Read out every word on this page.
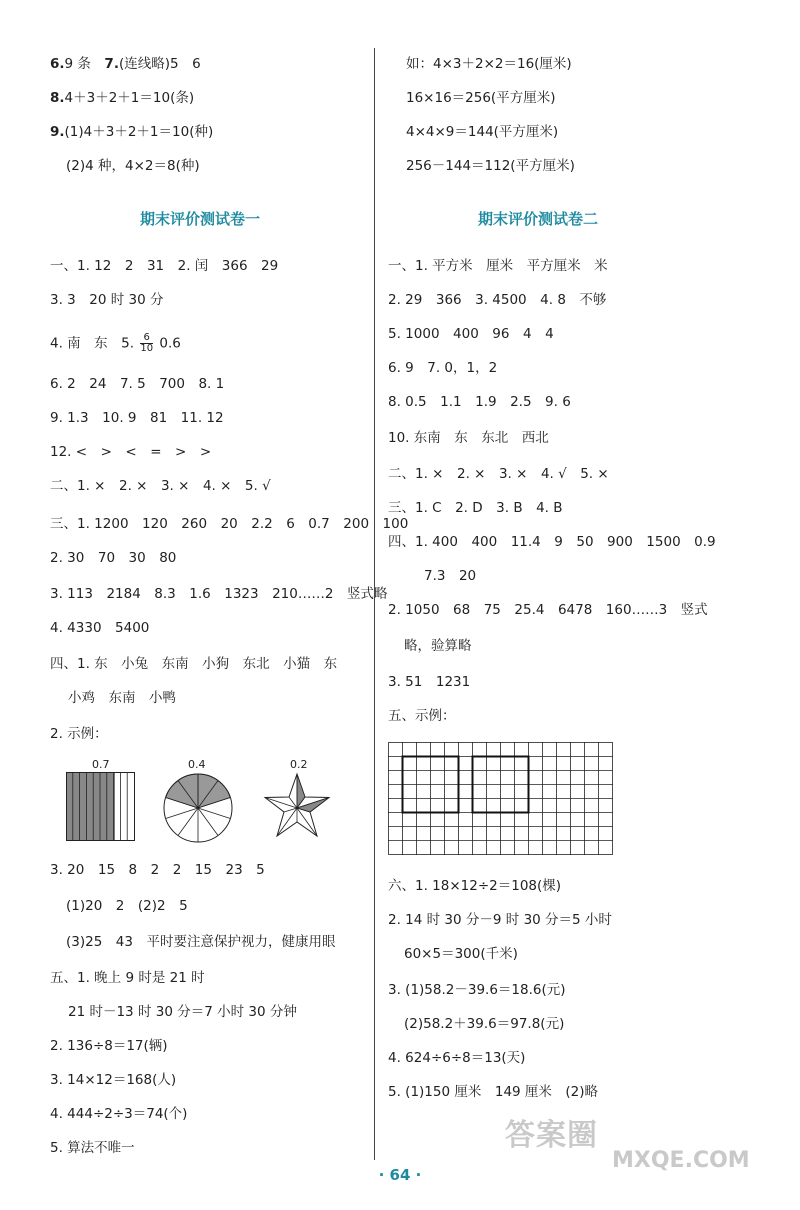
6.9 条　 7.(连线略)5　6
8.4＋3＋2＋1＝10(条)
9.(1)4＋3＋2＋1＝10(种)
(2)4 种，4×2＝8(种)
如：4×3＋2×2＝16(厘米)
16×16＝256(平方厘米)
4×4×9＝144(平方厘米)
256－144＝112(平方厘米)
期末评价测试卷一	期末评价测试卷二
一、1. 12　2　31　2. 闰　366　29
3. 3　20 时 30 分
4. 南　东　5. $\frac{6}{10} 0.6$
6. 2　24　7. 5　700　8. 1
9. 1.3　10. 9　81　11. 12
12. <　>　<　=　>　>
二、1. ×　2. ×　3. ×　4. ×　5. √
三、1. 1200　120　260　20　2.2　6　0.7　200　100
2. 30　70　30　80
3. 113　2184　8.3　1.6　1323　210……2　竖式略
4. 4330　5400
四、1. 东　小兔　东南　小狗　东北　小猫　东
小鸡　东南　小鸭
2. 示例：
0.7	0.4	0.2
3. 20　15　8　2　2　15　23　5
(1)20　2　(2)2　5
(3)25　43　平时要注意保护视力，健康用眼
五、1. 晚上 9 时是 21 时
21 时－13 时 30 分＝7 小时 30 分钟
2. 136÷8＝17(辆)
3. 14×12＝168(人)
4. 444÷2÷3＝74(个)
5. 算法不唯一
一、1. 平方米　厘米　平方厘米　米
2. 29　366　3. 4500　4. 8　不够
5. 1000　400　96　4　4
6. 9　7. 0，1，2
8. 0.5　1.1　1.9　2.5　9. 6
10. 东南　东　东北　西北
二、1. ×　2. ×　3. ×　4. √　5. ×
三、1. C　2. D　3. B　4. B
四、1. 400　400　11.4　9　50　900　1500　0.9
7.3　20
2. 1050　68　75　25.4　6478　160……3　竖式
略，验算略
3. 51　1231
五、示例：
六、1. 18×12÷2＝108(棵)
2. 14 时 30 分－9 时 30 分＝5 小时
60×5＝300(千米)
3. (1)58.2－39.6＝18.6(元)
(2)58.2＋39.6＝97.8(元)
4. 624÷6÷8＝13(天)
5. (1)150 厘米　149 厘米　(2)略
· 64 ·
答案圈
MXQE.COM
